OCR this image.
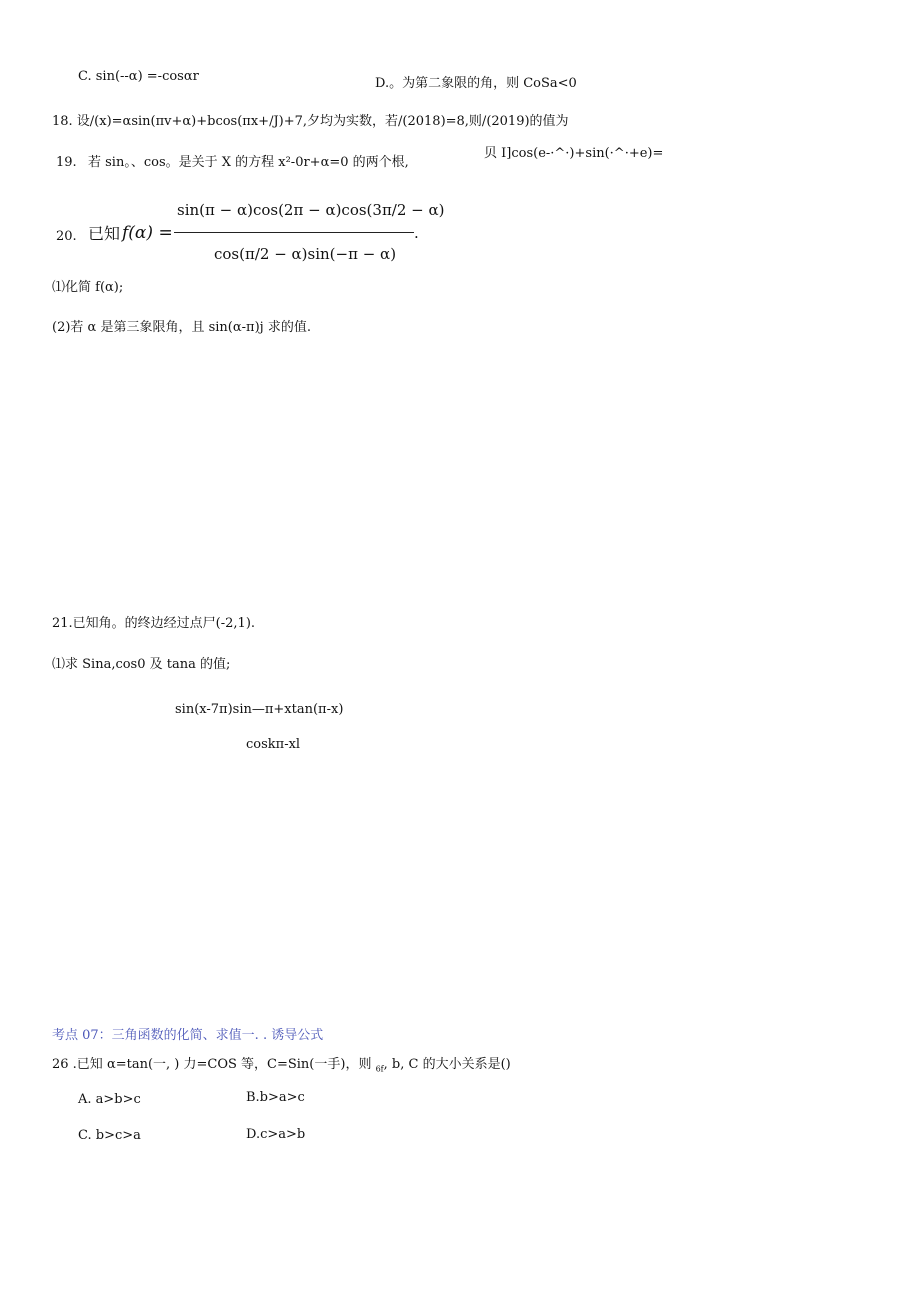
C. sin(--α) =-cosαr	D.。为第二象限的角，则 CoSa<0
18. 设/(x)=αsin(πv+α)+bcos(πx+/J)+7,夕均为实数，若/(2018)=8,则/(2019)的值为
19. 若 sin。、cos。是关于 X 的方程 x²-0r+α=0 的两个根,
贝 I]cos(e-·^·)+sin(·^·+e)=
20. 已知 f(α) =
sin(π − α)cos(2π − α)cos(3π/2 − α)
cos(π/2 − α)sin(−π − α)
.
⑴化简 f(α);
(2)若 α 是第三象限角，且 sin(α-π)j 求的值.
21.已知角。的终边经过点尸(-2,1).
⑴求 Sina,cos0 及 tana 的值;
sin(x-7π)sin—π+xtan(π-x)
coskπ-xl
考点 07：三角函数的化简、求值一. . 诱导公式
26 .已知 α=tan(一, ) 力=COS 等，C=Sin(一手)，则 $_{6f}$, b, C 的大小关系是()
A. a>b>c	B.b>a>c
C. b>c>a	D.c>a>b
